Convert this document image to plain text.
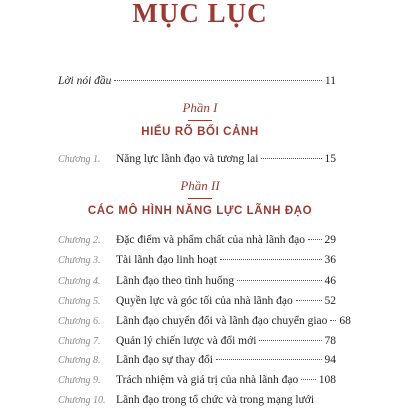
MỤC LỤC
Lời nói đầu	11
Phần I
HIỂU RÕ BỐI CẢNH
Chương 1.	Năng lực lãnh đạo và tương lai	15
Phần II
CÁC MÔ HÌNH NĂNG LỰC LÃNH ĐẠO
Chương 2.	Đặc điểm và phẩm chất của nhà lãnh đạo 29
Chương 3.	Tài lãnh đạo linh hoạt	36
Chương 4.	Lãnh đạo theo tình huống	46
Chương 5.	Quyền lực và góc tối của nhà lãnh đạo	52
Chương 6.	Lãnh đạo chuyển đổi và lãnh đạo chuyển giao 68
Chương 7.	Quản lý chiến lược và đổi mới	78
Chương 8.	Lãnh đạo sự thay đổi	94
Chương 9.	Trách nhiệm và giá trị của nhà lãnh đạo 108
Chương 10. Lãnh đạo trong tổ chức và trong mạng lưới
